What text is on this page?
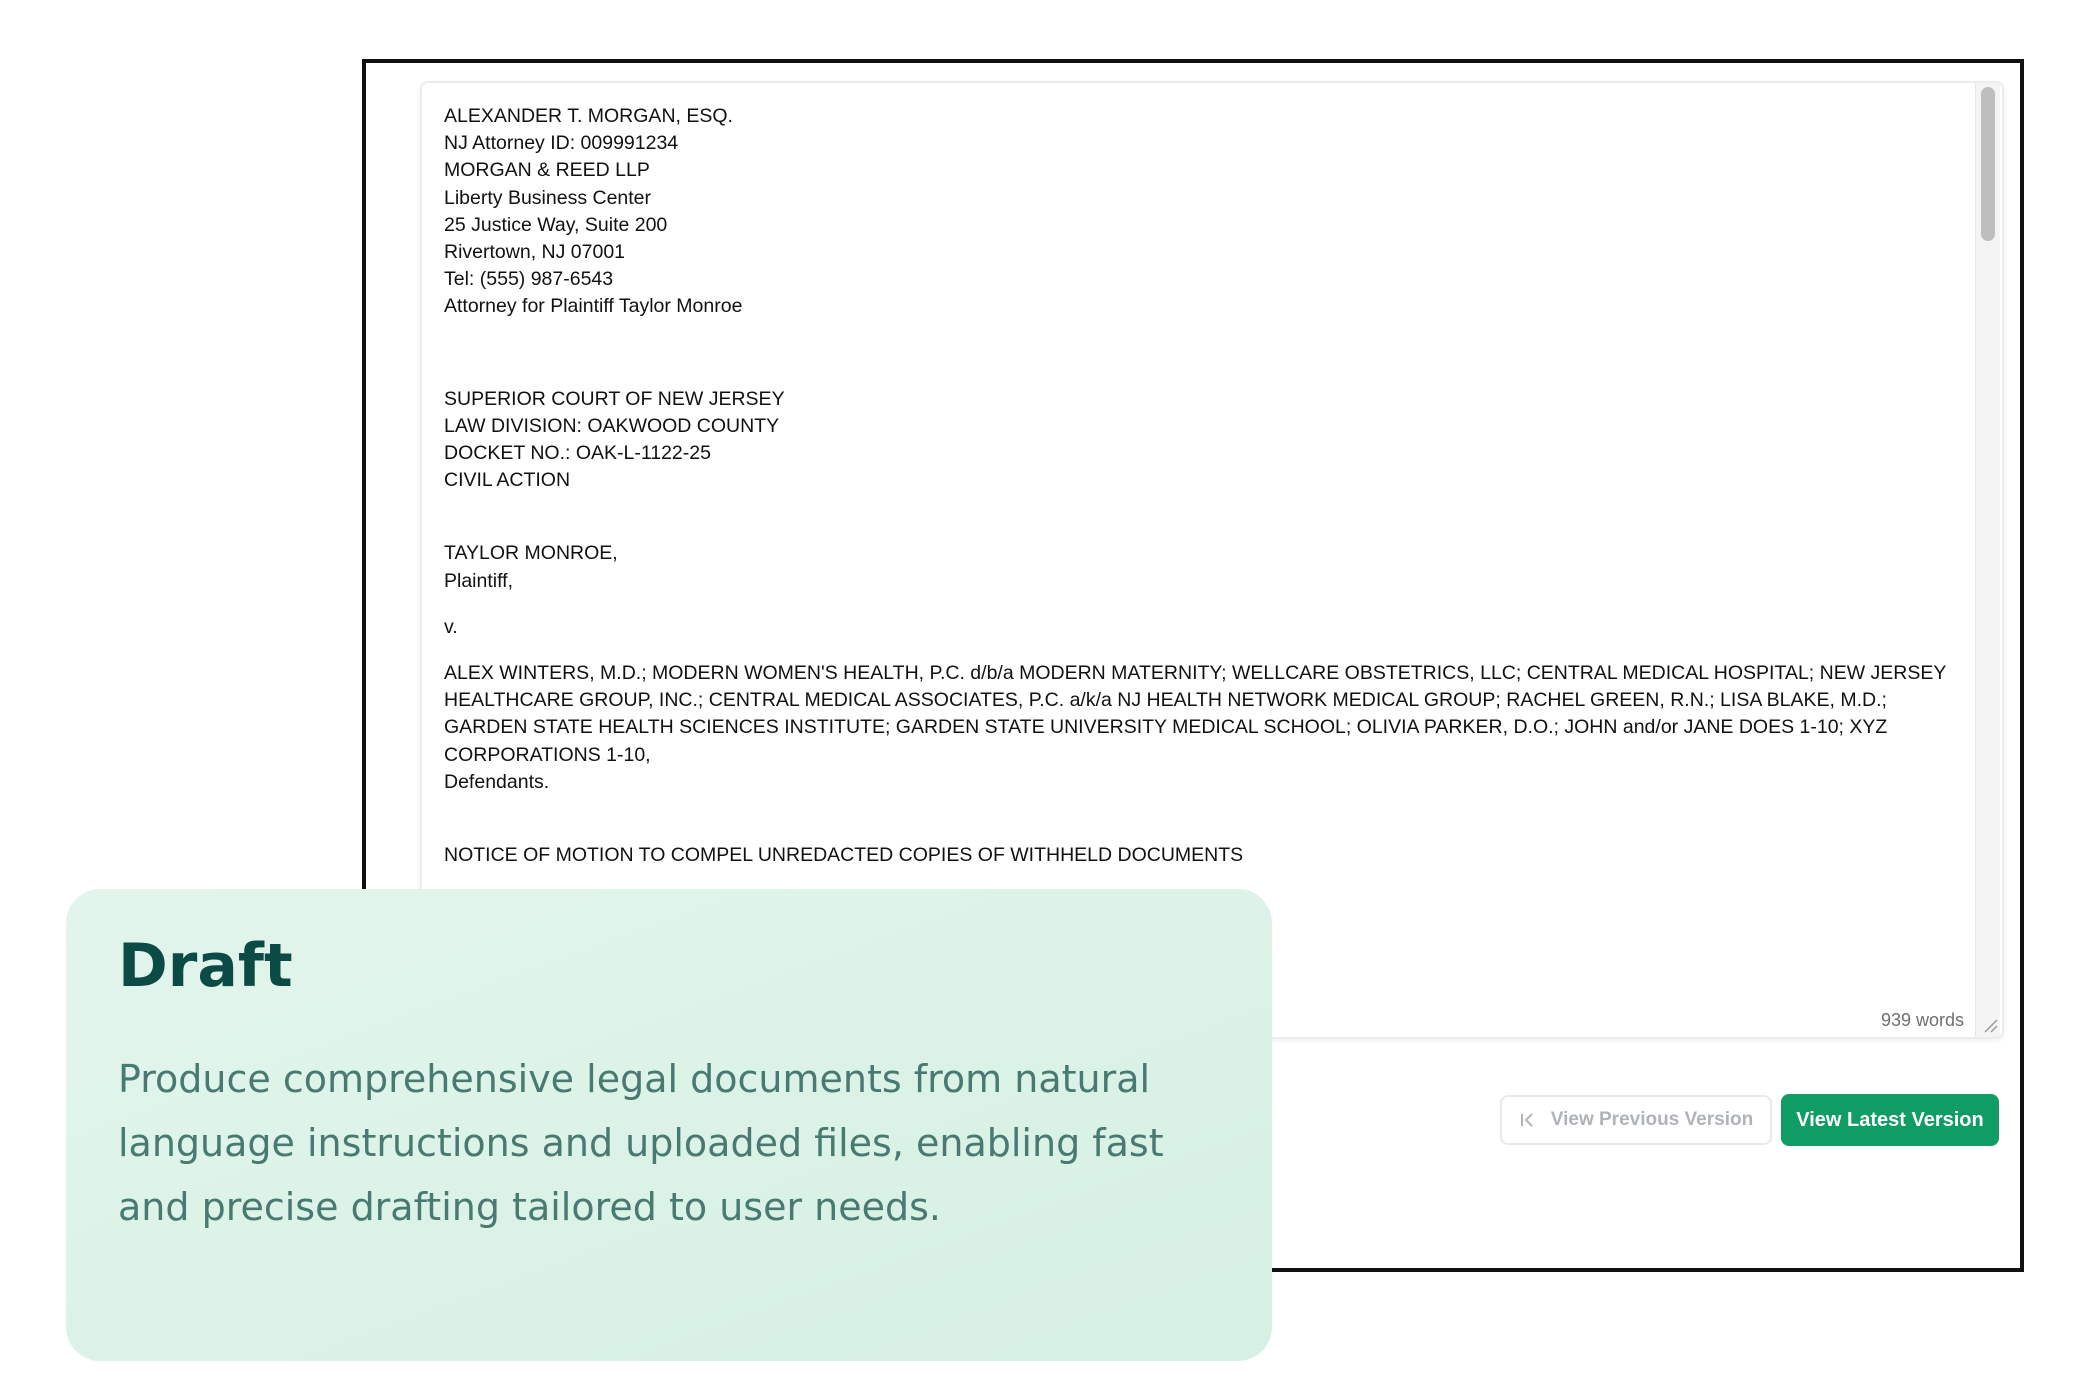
ALEXANDER T. MORGAN, ESQ.

NJ Attorney ID: 009991234

MORGAN & REED LLP

Liberty Business Center

25 Justice Way, Suite 200

Rivertown, NJ 07001

Tel: (555) 987-6543

Attorney for Plaintiff Taylor Monroe

SUPERIOR COURT OF NEW JERSEY

LAW DIVISION: OAKWOOD COUNTY

DOCKET NO.: OAK-L-1122-25

CIVIL ACTION

TAYLOR MONROE,

Plaintiff,

v.

ALEX WINTERS, M.D.; MODERN WOMEN'S HEALTH, P.C. d/b/a MODERN MATERNITY; WELLCARE OBSTETRICS, LLC; CENTRAL MEDICAL HOSPITAL; NEW JERSEY HEALTHCARE GROUP, INC.; CENTRAL MEDICAL ASSOCIATES, P.C. a/k/a NJ HEALTH NETWORK MEDICAL GROUP; RACHEL GREEN, R.N.; LISA BLAKE, M.D.; GARDEN STATE HEALTH SCIENCES INSTITUTE; GARDEN STATE UNIVERSITY MEDICAL SCHOOL; OLIVIA PARKER, D.O.; JOHN and/or JANE DOES 1-10; XYZ CORPORATIONS 1-10,

Defendants.

NOTICE OF MOTION TO COMPEL UNREDACTED COPIES OF WITHHELD DOCUMENTS

939 words
View Previous Version View Latest Version
Draft

Produce comprehensive legal documents from natural language instructions and uploaded files, enabling fast and precise drafting tailored to user needs.
